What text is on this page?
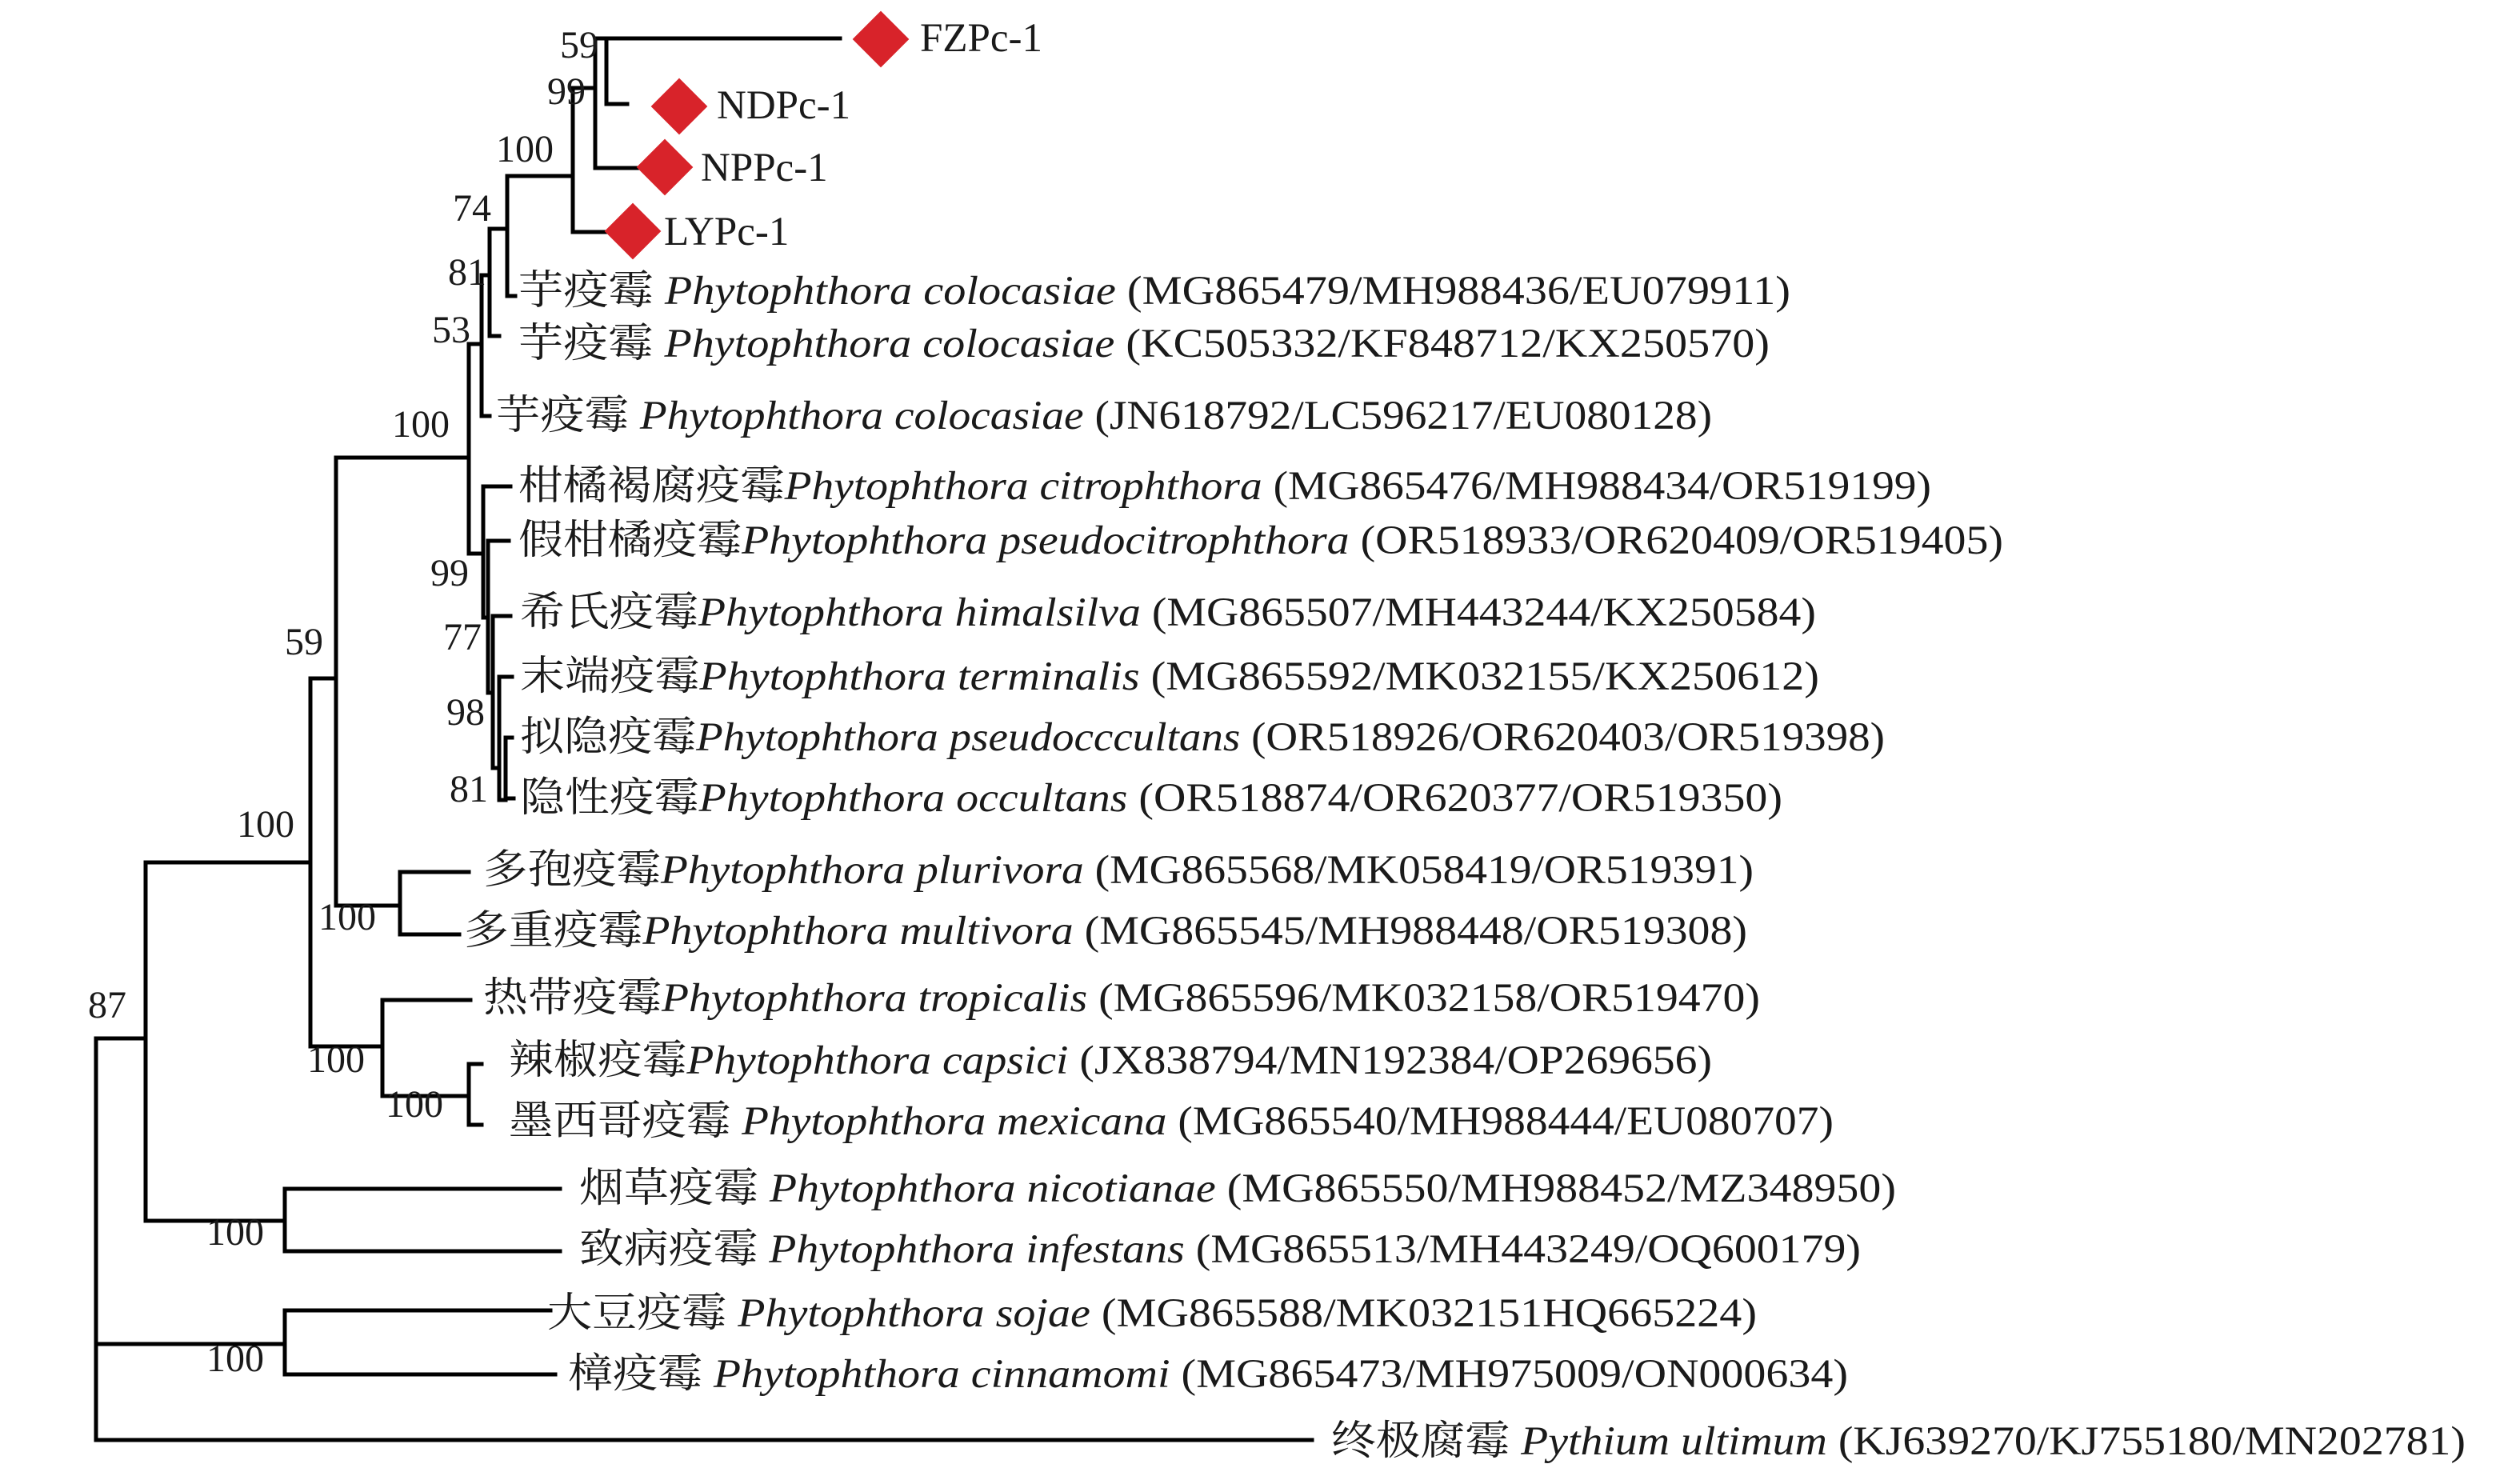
59
99
100
74
81
53
100
99
77
98
81
59
100
100
100
100
87
100
100
FZPc-1
NDPc-1
NPPc-1
LYPc-1
芋疫霉 Phytophthora colocasiae (MG865479/MH988436/EU079911)
芋疫霉 Phytophthora colocasiae (KC505332/KF848712/KX250570)
芋疫霉 Phytophthora colocasiae (JN618792/LC596217/EU080128)
柑橘褐腐疫霉 Phytophthora citrophthora (MG865476/MH988434/OR519199)
假柑橘疫霉 Phytophthora pseudocitrophthora (OR518933/OR620409/OR519405)
希氏疫霉 Phytophthora himalsilva (MG865507/MH443244/KX250584)
末端疫霉 Phytophthora terminalis (MG865592/MK032155/KX250612)
拟隐疫霉 Phytophthora pseudocccultans (OR518926/OR620403/OR519398)
隐性疫霉 Phytophthora occultans (OR518874/OR620377/OR519350)
多孢疫霉 Phytophthora plurivora (MG865568/MK058419/OR519391)
多重疫霉 Phytophthora multivora (MG865545/MH988448/OR519308)
热带疫霉 Phytophthora tropicalis (MG865596/MK032158/OR519470)
辣椒疫霉 Phytophthora capsici (JX838794/MN192384/OP269656)
墨西哥疫霉 Phytophthora mexicana (MG865540/MH988444/EU080707)
烟草疫霉 Phytophthora nicotianae (MG865550/MH988452/MZ348950)
致病疫霉 Phytophthora infestans (MG865513/MH443249/OQ600179)
大豆疫霉 Phytophthora sojae (MG865588/MK032151HQ665224)
樟疫霉 Phytophthora cinnamomi (MG865473/MH975009/ON000634)
终极腐霉 Pythium ultimum (KJ639270/KJ755180/MN202781)
